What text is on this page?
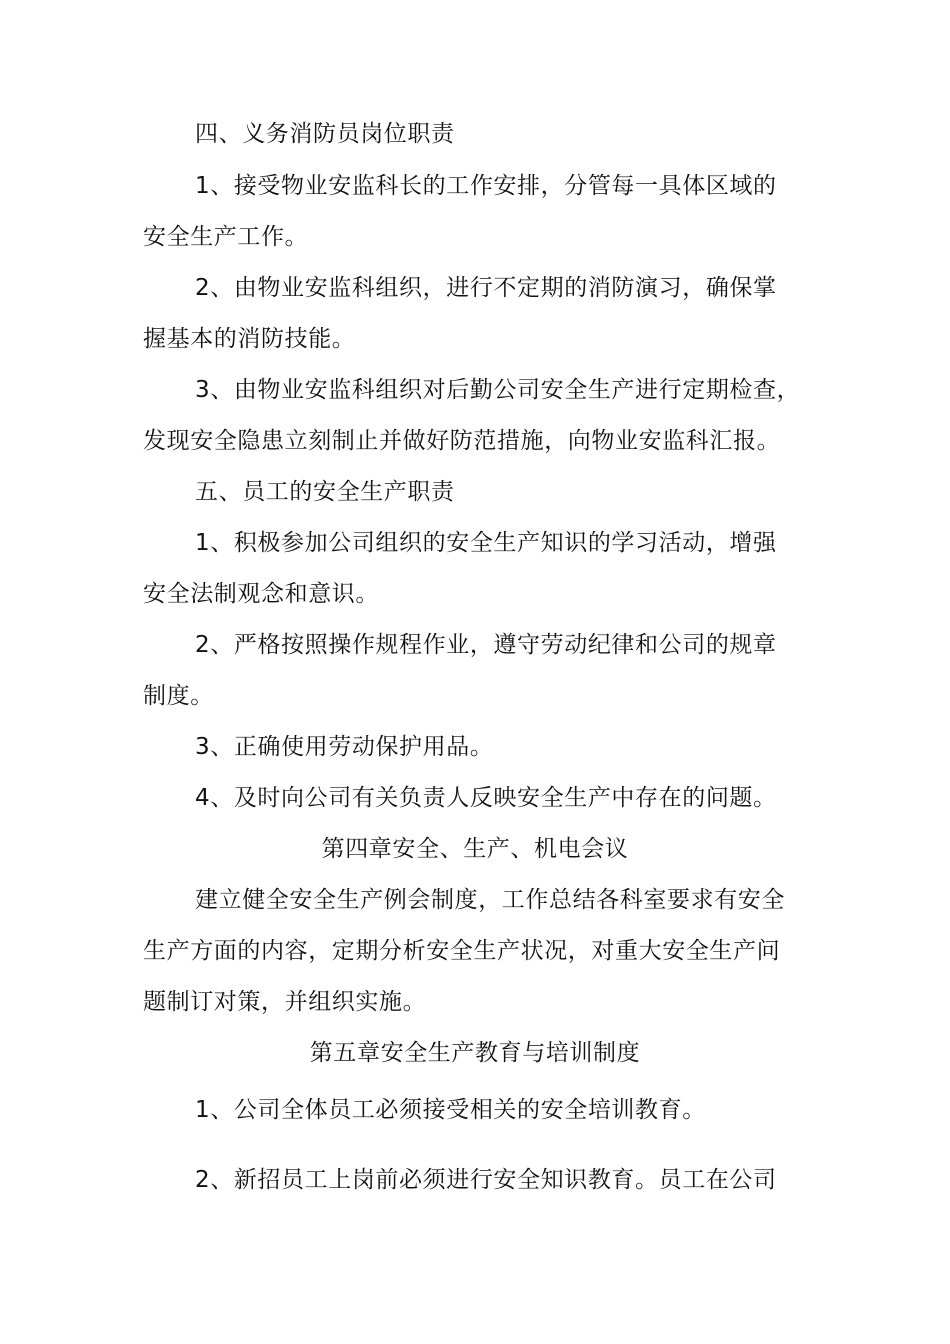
四、义务消防员岗位职责
1、接受物业安监科长的工作安排，分管每一具体区域的
安全生产工作。
2、由物业安监科组织，进行不定期的消防演习，确保掌
握基本的消防技能。
3、由物业安监科组织对后勤公司安全生产进行定期检查，
发现安全隐患立刻制止并做好防范措施，向物业安监科汇报。
五、员工的安全生产职责
1、积极参加公司组织的安全生产知识的学习活动，增强
安全法制观念和意识。
2、严格按照操作规程作业，遵守劳动纪律和公司的规章
制度。
3、正确使用劳动保护用品。
4、及时向公司有关负责人反映安全生产中存在的问题。
第四章安全、生产、机电会议
建立健全安全生产例会制度，工作总结各科室要求有安全
生产方面的内容，定期分析安全生产状况，对重大安全生产问
题制订对策，并组织实施。
第五章安全生产教育与培训制度
1、公司全体员工必须接受相关的安全培训教育。
2、新招员工上岗前必须进行安全知识教育。员工在公司
